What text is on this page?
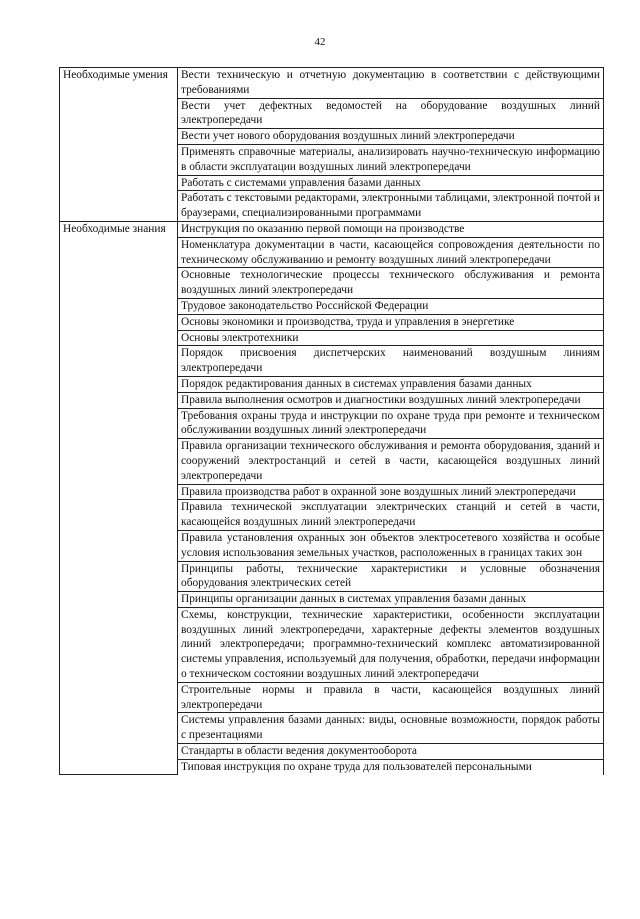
42
Необходимые умения	Вести техническую и отчетную документацию в соответствии с действующими требованиями
	Вести учет дефектных ведомостей на оборудование воздушных линий электропередачи
	Вести учет нового оборудования воздушных линий электропередачи
	Применять справочные материалы, анализировать научно-техническую информацию в области эксплуатации воздушных линий электропередачи
	Работать с системами управления базами данных
	Работать с текстовыми редакторами, электронными таблицами, электронной почтой и браузерами, специализированными программами
Необходимые знания	Инструкция по оказанию первой помощи на производстве
	Номенклатура документации в части, касающейся сопровождения деятельности по техническому обслуживанию и ремонту воздушных линий электропередачи
	Основные технологические процессы технического обслуживания и ремонта воздушных линий электропередачи
	Трудовое законодательство Российской Федерации
	Основы экономики и производства, труда и управления в энергетике
	Основы электротехники
	Порядок присвоения диспетчерских наименований воздушным линиям электропередачи
	Порядок редактирования данных в системах управления базами данных
	Правила выполнения осмотров и диагностики воздушных линий электропередачи
	Требования охраны труда и инструкции по охране труда при ремонте и техническом обслуживании воздушных линий электропередачи
	Правила организации технического обслуживания и ремонта оборудования, зданий и сооружений электростанций и сетей в части, касающейся воздушных линий электропередачи
	Правила производства работ в охранной зоне воздушных линий электропередачи
	Правила технической эксплуатации электрических станций и сетей в части, касающейся воздушных линий электропередачи
	Правила установления охранных зон объектов электросетевого хозяйства и особые условия использования земельных участков, расположенных в границах таких зон
	Принципы работы, технические характеристики и условные обозначения оборудования электрических сетей
	Принципы организации данных в системах управления базами данных
	Схемы, конструкции, технические характеристики, особенности эксплуатации воздушных линий электропередачи, характерные дефекты элементов воздушных линий электропередачи; программно-технический комплекс автоматизированной системы управления, используемый для получения, обработки, передачи информации о техническом состоянии воздушных линий электропередачи
	Строительные нормы и правила в части, касающейся воздушных линий электропередачи
	Системы управления базами данных: виды, основные возможности, порядок работы с презентациями
	Стандарты в области ведения документооборота
	Типовая инструкция по охране труда для пользователей персональными
